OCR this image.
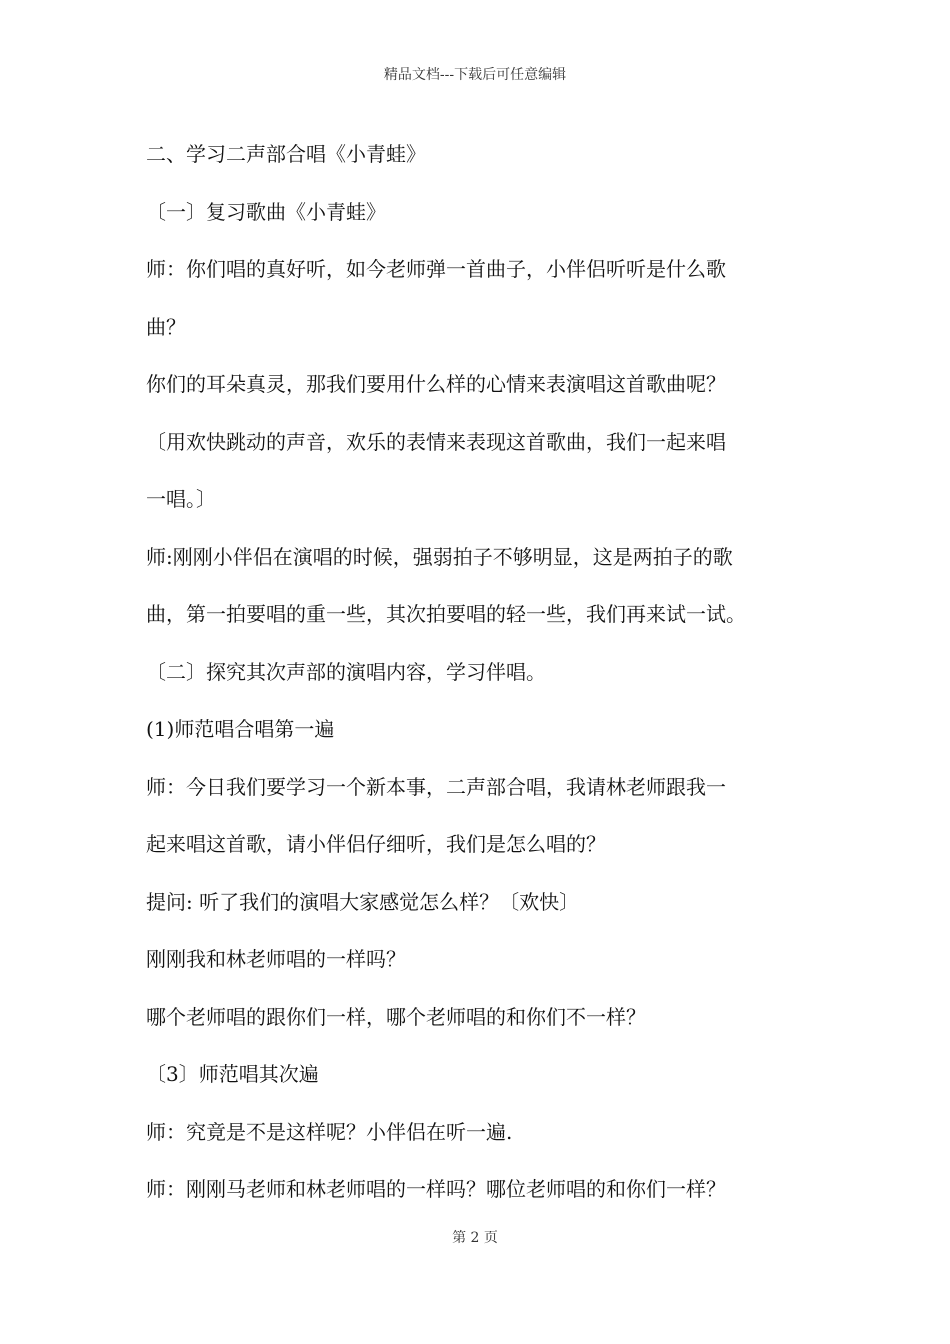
精品文档---下载后可任意编辑
二、学习二声部合唱《小青蛙》
〔一〕复习歌曲《小青蛙》
师：你们唱的真好听，如今老师弹一首曲子，小伴侣听听是什么歌
曲？
你们的耳朵真灵，那我们要用什么样的心情来表演唱这首歌曲呢？
〔用欢快跳动的声音，欢乐的表情来表现这首歌曲，我们一起来唱
一唱。〕
师:刚刚小伴侣在演唱的时候，强弱拍子不够明显，这是两拍子的歌
曲，第一拍要唱的重一些，其次拍要唱的轻一些，我们再来试一试。
〔二〕探究其次声部的演唱内容，学习伴唱。
(1)师范唱合唱第一遍
师：今日我们要学习一个新本事，二声部合唱，我请林老师跟我一
起来唱这首歌，请小伴侣仔细听，我们是怎么唱的？
提问: 听了我们的演唱大家感觉怎么样？〔欢快〕
刚刚我和林老师唱的一样吗？
哪个老师唱的跟你们一样，哪个老师唱的和你们不一样？
〔3〕师范唱其次遍
师：究竟是不是这样呢？小伴侣在听一遍.
师：刚刚马老师和林老师唱的一样吗？哪位老师唱的和你们一样？
第 2 页
